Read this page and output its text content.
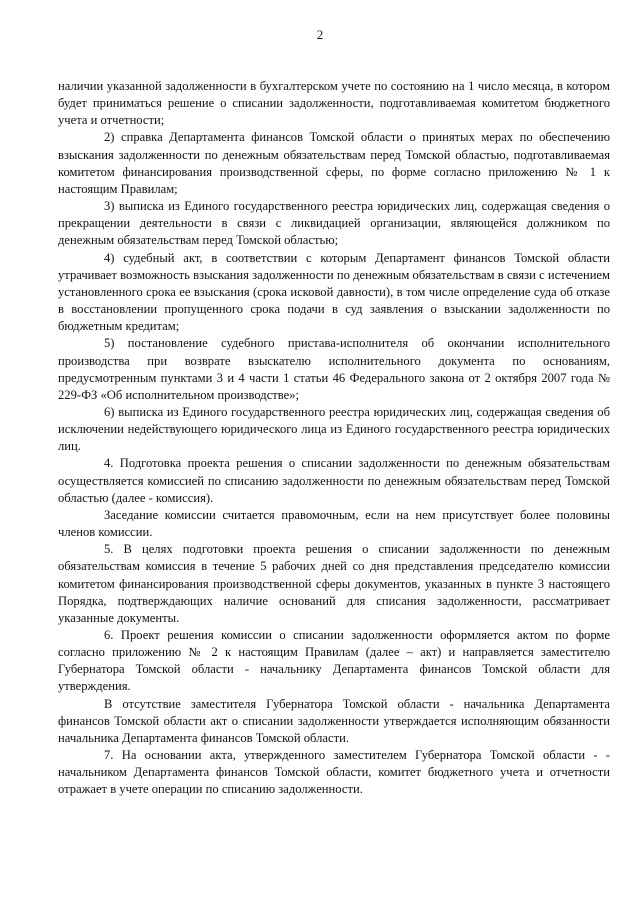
2

наличии указанной задолженности в бухгалтерском учете по состоянию на 1 число месяца, в котором будет приниматься решение о списании задолженности, подготавливаемая комитетом бюджетного учета и отчетности;

2) справка Департамента финансов Томской области о принятых мерах по обеспечению взыскания задолженности по денежным обязательствам перед Томской областью, подготавливаемая комитетом финансирования производственной сферы, по форме согласно приложению № 1 к настоящим Правилам;

3) выписка из Единого государственного реестра юридических лиц, содержащая сведения о прекращении деятельности в связи с ликвидацией организации, являющейся должником по денежным обязательствам перед Томской областью;

4) судебный акт, в соответствии с которым Департамент финансов Томской области утрачивает возможность взыскания задолженности по денежным обязательствам в связи с истечением установленного срока ее взыскания (срока исковой давности), в том числе определение суда об отказе в восстановлении пропущенного срока подачи в суд заявления о взыскании задолженности по бюджетным кредитам;

5) постановление судебного пристава-исполнителя об окончании исполнительного производства при возврате взыскателю исполнительного документа по основаниям, предусмотренным пунктами 3 и 4 части 1 статьи 46 Федерального закона от 2 октября 2007 года № 229-ФЗ «Об исполнительном производстве»;

6) выписка из Единого государственного реестра юридических лиц, содержащая сведения об исключении недействующего юридического лица из Единого государственного реестра юридических лиц.

4. Подготовка проекта решения о списании задолженности по денежным обязательствам осуществляется комиссией по списанию задолженности по денежным обязательствам перед Томской областью (далее - комиссия).

Заседание комиссии считается правомочным, если на нем присутствует более половины членов комиссии.

5. В целях подготовки проекта решения о списании задолженности по денежным обязательствам комиссия в течение 5 рабочих дней со дня представления председателю комиссии комитетом финансирования производственной сферы документов, указанных в пункте 3 настоящего Порядка, подтверждающих наличие оснований для списания задолженности, рассматривает указанные документы.

6. Проект решения комиссии о списании задолженности оформляется актом по форме согласно приложению № 2 к настоящим Правилам (далее – акт) и направляется заместителю Губернатора Томской области - начальнику Департамента финансов Томской области для утверждения.

В отсутствие заместителя Губернатора Томской области - начальника Департамента финансов Томской области акт о списании задолженности утверждается исполняющим обязанности начальника Департамента финансов Томской области.

7. На основании акта, утвержденного заместителем Губернатора Томской области - - начальником Департамента финансов Томской области, комитет бюджетного учета и отчетности отражает в учете операции по списанию задолженности.
